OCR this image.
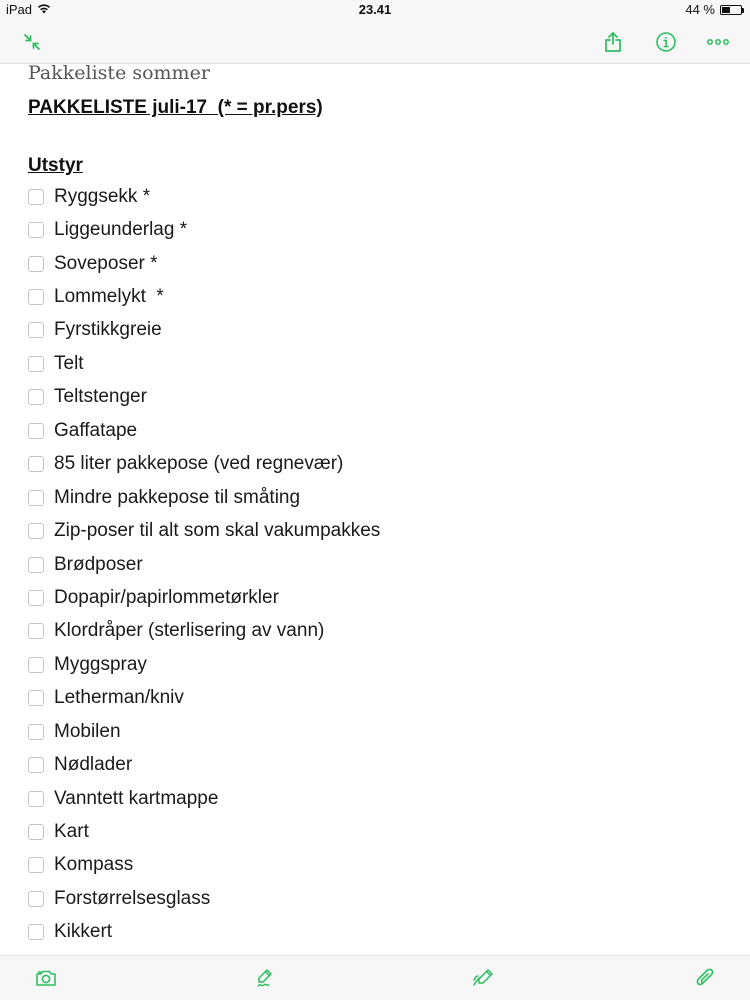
iPad	23.41	44 %
Pakkeliste sommer
PAKKELISTE juli-17  (* = pr.pers)
Utstyr
Ryggsekk *
Liggeunderlag *
Soveposer *
Lommelykt  *
Fyrstikkgreie
Telt
Teltstenger
Gaffatape
85 liter pakkepose (ved regnevær)
Mindre pakkepose til småting
Zip-poser til alt som skal vakumpakkes
Brødposer
Dopapir/papirlommetørkler
Klordråper (sterlisering av vann)
Myggspray
Letherman/kniv
Mobilen
Nødlader
Vanntett kartmappe
Kart
Kompass
Forstørrelsesglass
Kikkert
